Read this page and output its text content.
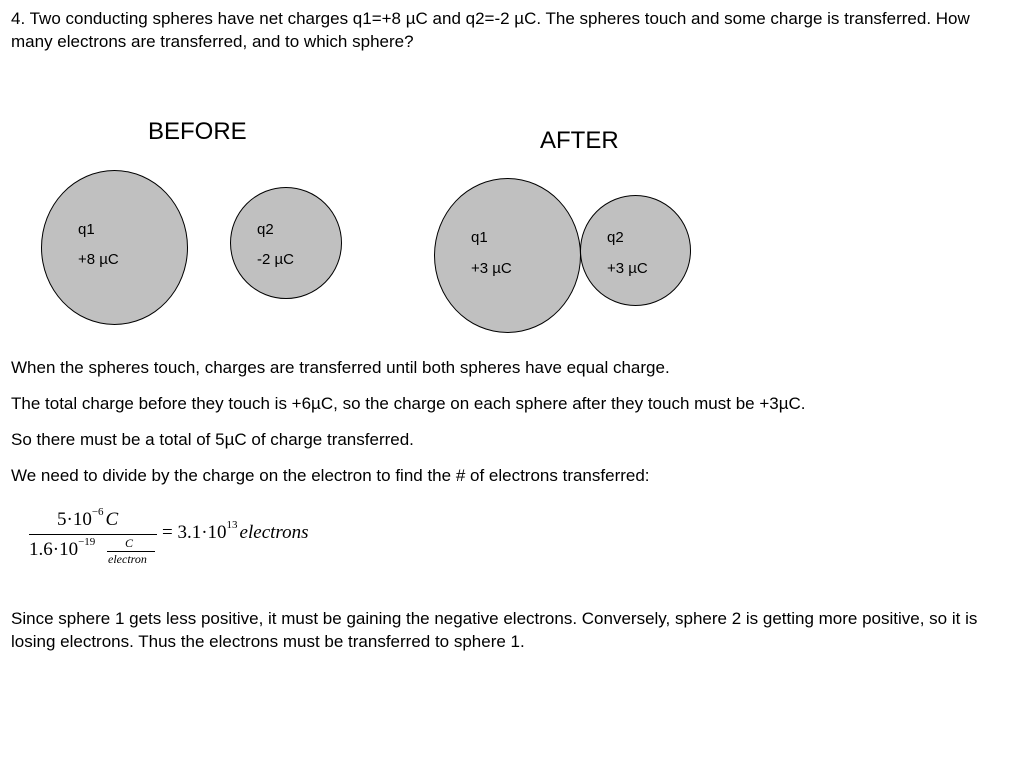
4. Two conducting spheres have net charges q1=+8 µC and q2=-2 µC. The spheres touch and some charge is transferred. How many electrons are transferred, and to which sphere?
BEFORE
q1
+8 µC
q2
-2 µC
AFTER
q1
+3 µC
q2
+3 µC
When the spheres touch, charges are transferred until both spheres have equal charge.
The total charge before they touch is +6µC, so the charge on each sphere after they touch must be +3µC.
So there must be a total of 5µC of charge transferred.
We need to divide by the charge on the electron to find the # of electrons transferred:
$5\cdot 10^{-6}$ C
$1.6\cdot 10^{-19}$ C
electron
= $3.1\cdot 10^{13}$ electrons
Since sphere 1 gets less positive, it must be gaining the negative electrons. Conversely, sphere 2 is getting more positive, so it is losing electrons. Thus the electrons must be transferred to sphere 1.
